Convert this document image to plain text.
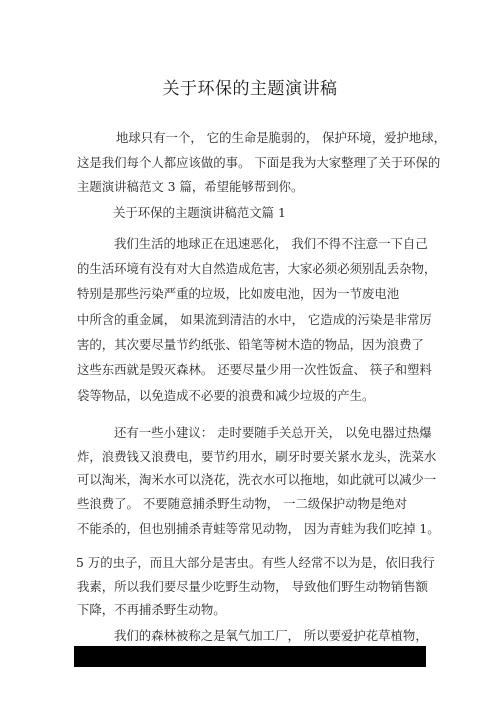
关于环保的主题演讲稿
地球只有一个， 它的生命是脆弱的， 保护环境，爱护地球，
这是我们每个人都应该做的事。 下面是我为大家整理了关于环保的
主题演讲稿范文 3 篇，希望能够帮到你。
关于环保的主题演讲稿范文篇 1
我们生活的地球正在迅速恶化， 我们不得不注意一下自己
的生活环境有没有对大自然造成危害，大家必须必须别乱丢杂物，
特别是那些污染严重的垃圾，比如废电池，因为一节废电池
中所含的重金属， 如果流到清洁的水中， 它造成的污染是非常厉
害的，其次要尽量节约纸张、铅笔等树木造的物品，因为浪费了
这些东西就是毁灭森林。 还要尽量少用一次性饭盒、 筷子和塑料
袋等物品，以免造成不必要的浪费和减少垃圾的产生。
还有一些小建议： 走时要随手关总开关， 以免电器过热爆
炸，浪费钱又浪费电，要节约用水，刷牙时要关紧水龙头，洗菜水
可以淘米，淘米水可以浇花，洗衣水可以拖地，如此就可以减少一
些浪费了。 不要随意捕杀野生动物， 一二级保护动物是绝对
不能杀的，但也别捕杀青蛙等常见动物， 因为青蛙为我们吃掉 1。
5 万的虫子，而且大部分是害虫。有些人经常不以为是，依旧我行
我素，所以我们要尽量少吃野生动物， 导致他们野生动物销售额
下降，不再捕杀野生动物。
我们的森林被称之是氧气加工厂， 所以要爱护花草植物，
